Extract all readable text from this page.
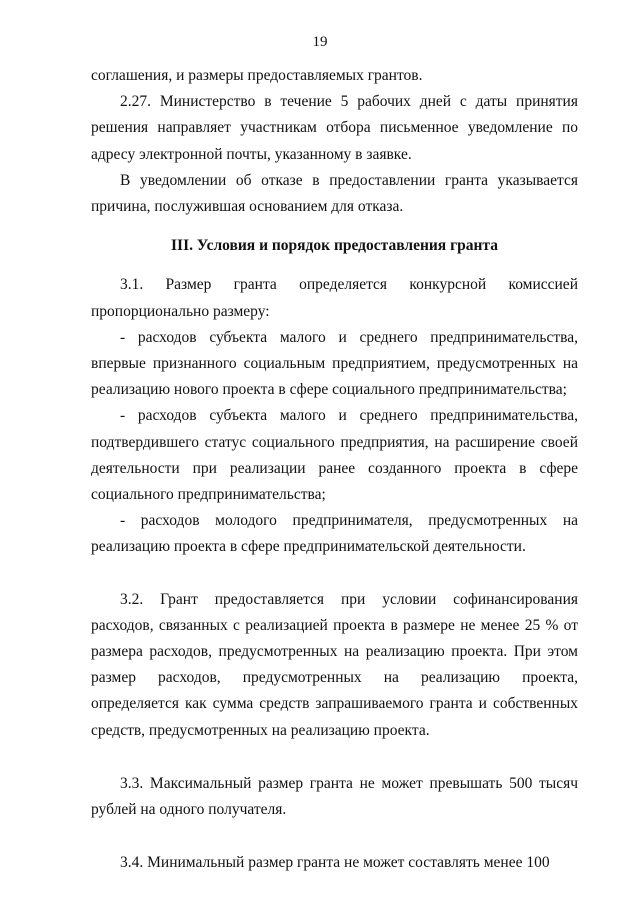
19

соглашения, и размеры предоставляемых грантов.

2.27. Министерство в течение 5 рабочих дней с даты принятия решения направляет участникам отбора письменное уведомление по адресу электронной почты, указанному в заявке.

В уведомлении об отказе в предоставлении гранта указывается причина, послужившая основанием для отказа.

III. Условия и порядок предоставления гранта

3.1. Размер гранта определяется конкурсной комиссией пропорционально размеру:

- расходов субъекта малого и среднего предпринимательства, впервые признанного социальным предприятием, предусмотренных на реализацию нового проекта в сфере социального предпринимательства;

- расходов субъекта малого и среднего предпринимательства, подтвердившего статус социального предприятия, на расширение своей деятельности при реализации ранее созданного проекта в сфере социального предпринимательства;

- расходов молодого предпринимателя, предусмотренных на реализацию проекта в сфере предпринимательской деятельности.

3.2. Грант предоставляется при условии софинансирования расходов, связанных с реализацией проекта в размере не менее 25 % от размера расходов, предусмотренных на реализацию проекта. При этом размер расходов, предусмотренных на реализацию проекта, определяется как сумма средств запрашиваемого гранта и собственных средств, предусмотренных на реализацию проекта.

3.3. Максимальный размер гранта не может превышать 500 тысяч рублей на одного получателя.

3.4. Минимальный размер гранта не может составлять менее 100
